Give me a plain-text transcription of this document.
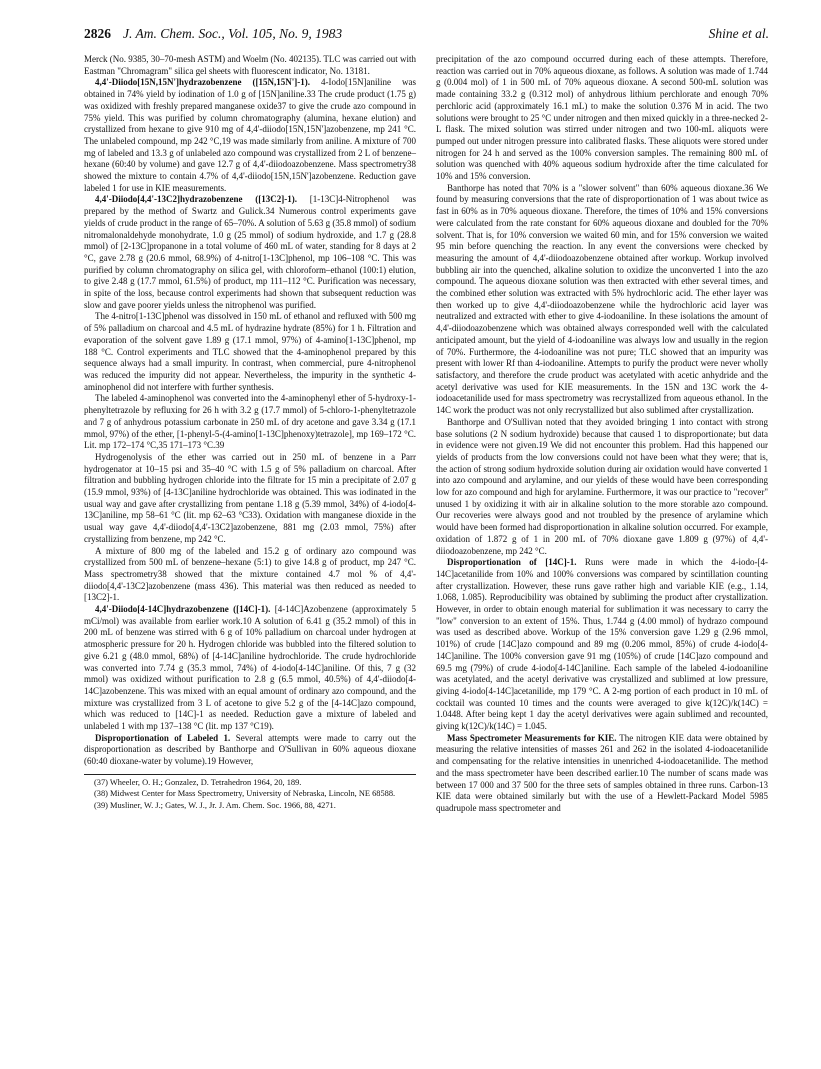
2826 J. Am. Chem. Soc., Vol. 105, No. 9, 1983	Shine et al.

Merck (No. 9385, 30–70-mesh ASTM) and Woelm (No. 402135). TLC was carried out with Eastman "Chromagram" silica gel sheets with fluorescent indicator, No. 13181.

4,4'-Diiodo[15N,15N']hydrazobenzene ([15N,15N']-1). 4-Iodo[15N]aniline was obtained in 74% yield by iodination of 1.0 g of [15N]aniline.33 The crude product (1.75 g) was oxidized with freshly prepared manganese oxide37 to give the crude azo compound in 75% yield. This was purified by column chromatography (alumina, hexane elution) and crystallized from hexane to give 910 mg of 4,4'-diiodo[15N,15N']azobenzene, mp 241 °C. The unlabeled compound, mp 242 °C,19 was made similarly from aniline. A mixture of 700 mg of labeled and 13.3 g of unlabeled azo compound was crystallized from 2 L of benzene–hexane (60:40 by volume) and gave 12.7 g of 4,4'-diiodoazobenzene. Mass spectrometry38 showed the mixture to contain 4.7% of 4,4'-diiodo[15N,15N']azobenzene. Reduction gave labeled 1 for use in KIE measurements.

4,4'-Diiodo[4,4'-13C2]hydrazobenzene ([13C2]-1). [1-13C]4-Nitrophenol was prepared by the method of Swartz and Gulick.34 Numerous control experiments gave yields of crude product in the range of 65–70%. A solution of 5.63 g (35.8 mmol) of sodium nitromalonaldehyde monohydrate, 1.0 g (25 mmol) of sodium hydroxide, and 1.7 g (28.8 mmol) of [2-13C]propanone in a total volume of 460 mL of water, standing for 8 days at 2 °C, gave 2.78 g (20.6 mmol, 68.9%) of 4-nitro[1-13C]phenol, mp 106–108 °C. This was purified by column chromatography on silica gel, with chloroform–ethanol (100:1) elution, to give 2.48 g (17.7 mmol, 61.5%) of product, mp 111–112 °C. Purification was necessary, in spite of the loss, because control experiments had shown that subsequent reduction was slow and gave poorer yields unless the nitrophenol was purified.

The 4-nitro[1-13C]phenol was dissolved in 150 mL of ethanol and refluxed with 500 mg of 5% palladium on charcoal and 4.5 mL of hydrazine hydrate (85%) for 1 h. Filtration and evaporation of the solvent gave 1.89 g (17.1 mmol, 97%) of 4-amino[1-13C]phenol, mp 188 °C. Control experiments and TLC showed that the 4-aminophenol prepared by this sequence always had a small impurity. In contrast, when commercial, pure 4-nitrophenol was reduced the impurity did not appear. Nevertheless, the impurity in the synthetic 4-aminophenol did not interfere with further synthesis.

The labeled 4-aminophenol was converted into the 4-aminophenyl ether of 5-hydroxy-1-phenyltetrazole by refluxing for 26 h with 3.2 g (17.7 mmol) of 5-chloro-1-phenyltetrazole and 7 g of anhydrous potassium carbonate in 250 mL of dry acetone and gave 3.34 g (17.1 mmol, 97%) of the ether, [1-phenyl-5-(4-amino[1-13C]phenoxy)tetrazole], mp 169–172 °C. Lit. mp 172–174 °C,35 171–173 °C.39

Hydrogenolysis of the ether was carried out in 250 mL of benzene in a Parr hydrogenator at 10–15 psi and 35–40 °C with 1.5 g of 5% palladium on charcoal. After filtration and bubbling hydrogen chloride into the filtrate for 15 min a precipitate of 2.07 g (15.9 mmol, 93%) of [4-13C]aniline hydrochloride was obtained. This was iodinated in the usual way and gave after crystallizing from pentane 1.18 g (5.39 mmol, 34%) of 4-iodo[4-13C]aniline, mp 58–61 °C (lit. mp 62–63 °C33). Oxidation with manganese dioxide in the usual way gave 4,4'-diiodo[4,4'-13C2]azobenzene, 881 mg (2.03 mmol, 75%) after crystallizing from benzene, mp 242 °C.

A mixture of 800 mg of the labeled and 15.2 g of ordinary azo compound was crystallized from 500 mL of benzene–hexane (5:1) to give 14.8 g of product, mp 247 °C. Mass spectrometry38 showed that the mixture contained 4.7 mol % of 4,4'-diiodo[4,4'-13C2]azobenzene (mass 436). This material was then reduced as needed to [13C2]-1.

4,4'-Diiodo[4-14C]hydrazobenzene ([14C]-1). [4-14C]Azobenzene (approximately 5 mCi/mol) was available from earlier work.10 A solution of 6.41 g (35.2 mmol) of this in 200 mL of benzene was stirred with 6 g of 10% palladium on charcoal under hydrogen at atmospheric pressure for 20 h. Hydrogen chloride was bubbled into the filtered solution to give 6.21 g (48.0 mmol, 68%) of [4-14C]aniline hydrochloride. The crude hydrochloride was converted into 7.74 g (35.3 mmol, 74%) of 4-iodo[4-14C]aniline. Of this, 7 g (32 mmol) was oxidized without purification to 2.8 g (6.5 mmol, 40.5%) of 4,4'-diiodo[4-14C]azobenzene. This was mixed with an equal amount of ordinary azo compound, and the mixture was crystallized from 3 L of acetone to give 5.2 g of the [4-14C]azo compound, which was reduced to [14C]-1 as needed. Reduction gave a mixture of labeled and unlabeled 1 with mp 137–138 °C (lit. mp 137 °C19).

Disproportionation of Labeled 1. Several attempts were made to carry out the disproportionation as described by Banthorpe and O'Sullivan in 60% aqueous dioxane (60:40 dioxane-water by volume).19 However,

(37) Wheeler, O. H.; Gonzalez, D. Tetrahedron 1964, 20, 189.
(38) Midwest Center for Mass Spectrometry, University of Nebraska, Lincoln, NE 68588.
(39) Musliner, W. J.; Gates, W. J., Jr. J. Am. Chem. Soc. 1966, 88, 4271.

precipitation of the azo compound occurred during each of these attempts. Therefore, reaction was carried out in 70% aqueous dioxane, as follows. A solution was made of 1.744 g (0.004 mol) of 1 in 500 mL of 70% aqueous dioxane. A second 500-mL solution was made containing 33.2 g (0.312 mol) of anhydrous lithium perchlorate and enough 70% perchloric acid (approximately 16.1 mL) to make the solution 0.376 M in acid. The two solutions were brought to 25 °C under nitrogen and then mixed quickly in a three-necked 2-L flask. The mixed solution was stirred under nitrogen and two 100-mL aliquots were pumped out under nitrogen pressure into calibrated flasks. These aliquots were stored under nitrogen for 24 h and served as the 100% conversion samples. The remaining 800 mL of solution was quenched with 40% aqueous sodium hydroxide after the time calculated for 10% and 15% conversion.

Banthorpe has noted that 70% is a "slower solvent" than 60% aqueous dioxane.36 We found by measuring conversions that the rate of disproportionation of 1 was about twice as fast in 60% as in 70% aqueous dioxane. Therefore, the times of 10% and 15% conversions were calculated from the rate constant for 60% aqueous dioxane and doubled for the 70% solvent. That is, for 10% conversion we waited 60 min, and for 15% conversion we waited 95 min before quenching the reaction. In any event the conversions were checked by measuring the amount of 4,4'-diiodoazobenzene obtained after workup. Workup involved bubbling air into the quenched, alkaline solution to oxidize the unconverted 1 into the azo compound. The aqueous dioxane solution was then extracted with ether several times, and the combined ether solution was extracted with 5% hydrochloric acid. The ether layer was then worked up to give 4,4'-diiodoazobenzene while the hydrochloric acid layer was neutralized and extracted with ether to give 4-iodoaniline. In these isolations the amount of 4,4'-diiodoazobenzene which was obtained always corresponded well with the calculated anticipated amount, but the yield of 4-iodoaniline was always low and usually in the region of 70%. Furthermore, the 4-iodoaniline was not pure; TLC showed that an impurity was present with lower Rf than 4-iodoaniline. Attempts to purify the product were never wholly satisfactory, and therefore the crude product was acetylated with acetic anhydride and the acetyl derivative was used for KIE measurements. In the 15N and 13C work the 4-iodoacetanilide used for mass spectrometry was recrystallized from aqueous ethanol. In the 14C work the product was not only recrystallized but also sublimed after crystallization.

Banthorpe and O'Sullivan noted that they avoided bringing 1 into contact with strong base solutions (2 N sodium hydroxide) because that caused 1 to disproportionate; but data in evidence were not given.19 We did not encounter this problem. Had this happened our yields of products from the low conversions could not have been what they were; that is, the action of strong sodium hydroxide solution during air oxidation would have converted 1 into azo compound and arylamine, and our yields of these would have been corresponding low for azo compound and high for arylamine. Furthermore, it was our practice to "recover" unused 1 by oxidizing it with air in alkaline solution to the more storable azo compound. Our recoveries were always good and not troubled by the presence of arylamine which would have been formed had disproportionation in alkaline solution occurred. For example, oxidation of 1.872 g of 1 in 200 mL of 70% dioxane gave 1.809 g (97%) of 4,4'-diiodoazobenzene, mp 242 °C.

Disproportionation of [14C]-1. Runs were made in which the 4-iodo-[4-14C]acetanilide from 10% and 100% conversions was compared by scintillation counting after crystallization. However, these runs gave rather high and variable KIE (e.g., 1.14, 1.068, 1.085). Reproducibility was obtained by subliming the product after crystallization. However, in order to obtain enough material for sublimation it was necessary to carry the "low" conversion to an extent of 15%. Thus, 1.744 g (4.00 mmol) of hydrazo compound was used as described above. Workup of the 15% conversion gave 1.29 g (2.96 mmol, 101%) of crude [14C]azo compound and 89 mg (0.206 mmol, 85%) of crude 4-iodo[4-14C]aniline. The 100% conversion gave 91 mg (105%) of crude [14C]azo compound and 69.5 mg (79%) of crude 4-iodo[4-14C]aniline. Each sample of the labeled 4-iodoaniline was acetylated, and the acetyl derivative was crystallized and sublimed at low pressure, giving 4-iodo[4-14C]acetanilide, mp 179 °C. A 2-mg portion of each product in 10 mL of cocktail was counted 10 times and the counts were averaged to give k(12C)/k(14C) = 1.0448. After being kept 1 day the acetyl derivatives were again sublimed and recounted, giving k(12C)/k(14C) = 1.045.

Mass Spectrometer Measurements for KIE. The nitrogen KIE data were obtained by measuring the relative intensities of masses 261 and 262 in the isolated 4-iodoacetanilide and compensating for the relative intensities in unenriched 4-iodoacetanilide. The method and the mass spectrometer have been described earlier.10 The number of scans made was between 17 000 and 37 500 for the three sets of samples obtained in three runs. Carbon-13 KIE data were obtained similarly but with the use of a Hewlett-Packard Model 5985 quadrupole mass spectrometer and
